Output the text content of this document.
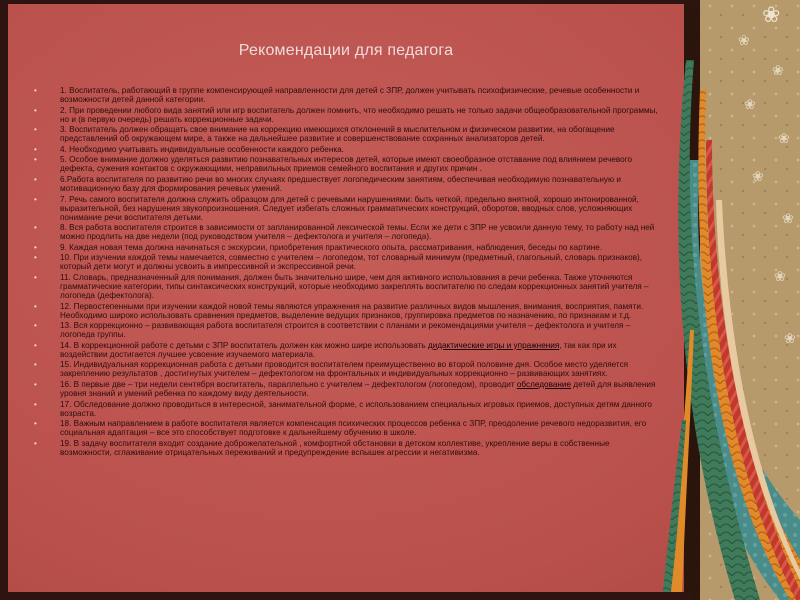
❀
❀
❀
❀
❀
❀
❀
❀
❀
Рекомендации для педагога
•	1. Воспитатель, работающий в группе компенсирующей направленности для детей с ЗПР, должен учитывать психофизические, речевые особенности и возможности детей данной категории.
•	2. При проведении любого вида занятий или игр воспитатель должен помнить, что необходимо решать не только задачи общеобразовательной программы, но и (в первую очередь) решать коррекционные задачи.
•	3. Воспитатель должен обращать свое внимание на коррекцию имеющихся отклонений в мыслительном и физическом развитии, на обогащение представлений об окружающем мире, а также на дальнейшее развитие и совершенствование сохранных анализаторов детей.
•	4. Необходимо учитывать индивидуальные особенности каждого ребенка.
•	5. Особое внимание должно уделяться развитию познавательных интересов детей, которые имеют своеобразное отставание под влиянием речевого дефекта, сужения контактов с окружающими, неправильных приемов семейного воспитания и других причин .
•	6.Работа воспитателя по развитию речи во многих случаях предшествует логопедическим занятиям, обеспечивая необходимую познавательную и мотивационную базу для формирования речевых умений.
•	7. Речь самого воспитателя должна служить образцом для детей с речевыми нарушениями: быть четкой, предельно внятной, хорошо интонированной, выразительной, без нарушения звукопроизношения. Следует избегать сложных грамматических конструкций, оборотов, вводных слов, усложняющих понимание речи воспитателя детьми.
•	8. Вся работа воспитателя строится в зависимости от запланированной лексической темы. Если же дети с ЗПР не усвоили данную тему, то работу над ней можно продлить на две недели (под руководством учителя – дефектолога и учителя – логопеда).
•	9. Каждая новая тема должна начинаться с экскурсии, приобретения практического опыта, рассматривания, наблюдения, беседы по картине.
•	10. При изучении каждой темы намечается, совместно с учителем – логопедом, тот словарный минимум (предметный, глагольный, словарь признаков), который дети могут и должны усвоить в импрессивной и экспрессивной речи.
•	11. Словарь, предназначенный для понимания, должен быть значительно шире, чем для активного использования в речи ребенка. Также уточняются грамматические категории, типы синтаксических конструкций, которые необходимо закреплять воспитателю по следам коррекционных занятий учителя – логопеда (дефектолога).
•	12. Первостепенными при изучении каждой новой темы являются упражнения на развитие различных видов мышления, внимания, восприятия, памяти. Необходимо широко использовать сравнения предметов, выделение ведущих признаков, группировка предметов по назначению, по признакам и т.д.
•	13. Вся коррекционно – развивающая работа воспитателя строится в соответствии с планами и рекомендациями учителя – дефектолога и учителя – логопеда группы.
•	14. В коррекционной работе с детьми с ЗПР воспитатель должен как можно шире использовать дидактические игры и упражнения, так как при их воздействии достигается лучшее усвоение изучаемого материала.
•	15. Индивидуальная коррекционная работа с детьми проводится воспитателем преимущественно во второй половине дня. Особое место уделяется закреплению результатов , достигнутых учителем – дефектологом на фронтальных и индивидуальных коррекционно – развивающих занятиях.
•	16. В первые две – три недели сентября воспитатель, параллельно с учителем – дефектологом (логопедом), проводит обследование детей для выявления уровня знаний и умений ребенка по каждому виду деятельности.
•	17. Обследование должно проводиться в интересной, занимательной форме, с использованием специальных игровых приемов, доступных детям данного возраста.
•	18. Важным направлением в работе воспитателя является компенсация психических процессов ребенка с ЗПР, преодоление речевого недоразвития, его социальная адаптация – все это способствует подготовке к дальнейшему обучению в школе.
•	19. В задачу воспитателя входит создание доброжелательной , комфортной обстановки в детском коллективе, укрепление веры в собственные возможности, сглаживание отрицательных переживаний и предупреждение вспышек агрессии и негативизма.
